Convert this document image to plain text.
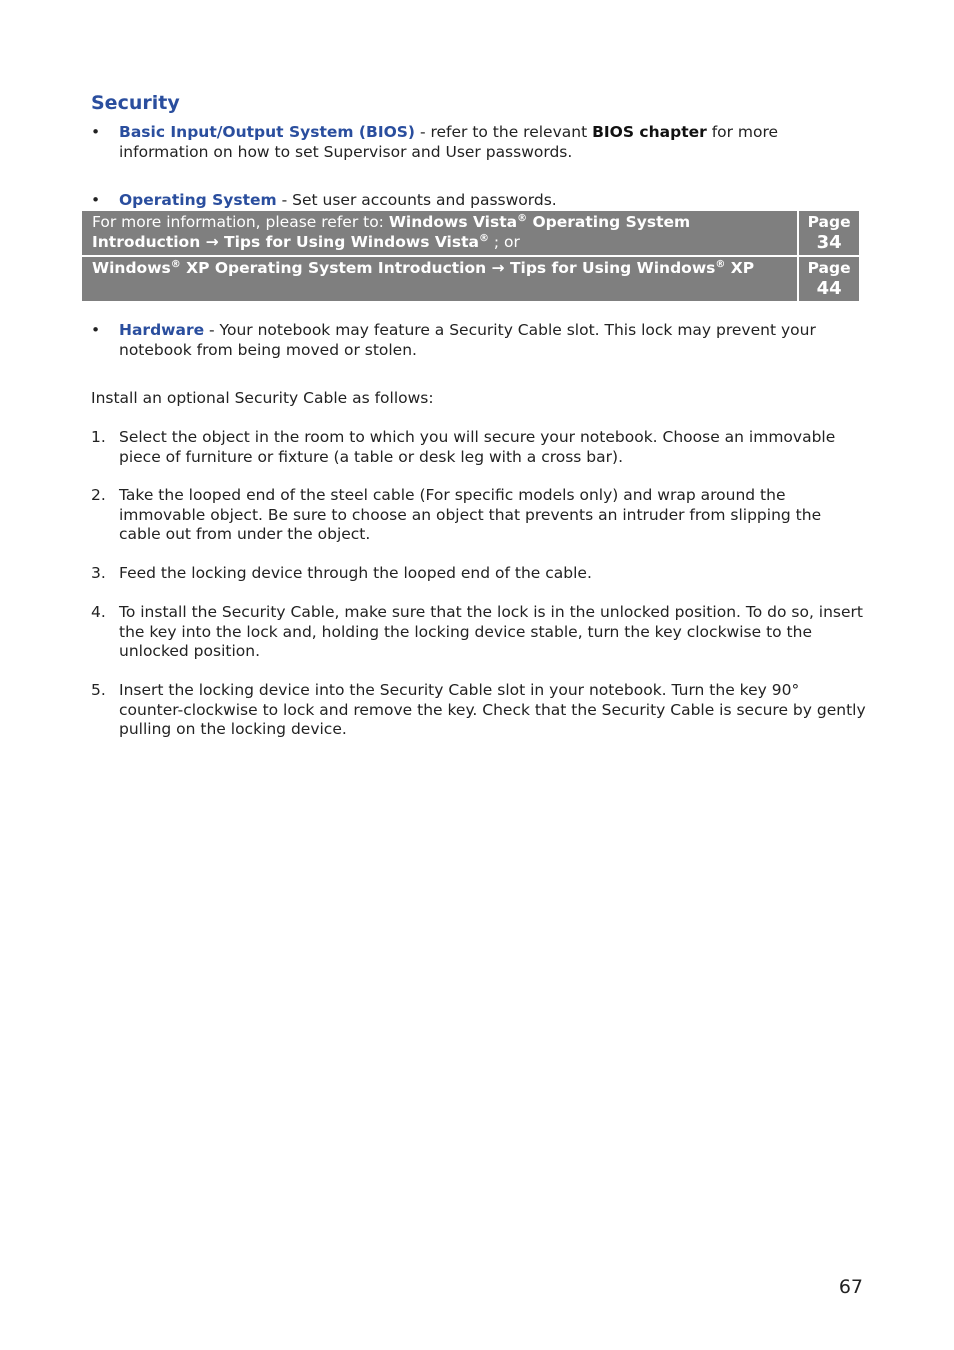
Security
• Basic Input/Output System (BIOS) - refer to the relevant BIOS chapter for more information on how to set Supervisor and User passwords.
• Operating System - Set user accounts and passwords.
For more information, please refer to: Windows Vista® Operating System Introduction → Tips for Using Windows Vista® ; or	Page
34

Windows® XP Operating System Introduction → Tips for Using Windows® XP	Page
44
• Hardware - Your notebook may feature a Security Cable slot. This lock may prevent your notebook from being moved or stolen.
Install an optional Security Cable as follows:
1. Select the object in the room to which you will secure your notebook. Choose an immovable piece of furniture or fixture (a table or desk leg with a cross bar).
2. Take the looped end of the steel cable (For specific models only) and wrap around the immovable object. Be sure to choose an object that prevents an intruder from slipping the cable out from under the object.
3. Feed the locking device through the looped end of the cable.
4. To install the Security Cable, make sure that the lock is in the unlocked position. To do so, insert the key into the lock and, holding the locking device stable, turn the key clockwise to the unlocked position.
5. Insert the locking device into the Security Cable slot in your notebook. Turn the key 90° counter-clockwise to lock and remove the key. Check that the Security Cable is secure by gently pulling on the locking device.
67
